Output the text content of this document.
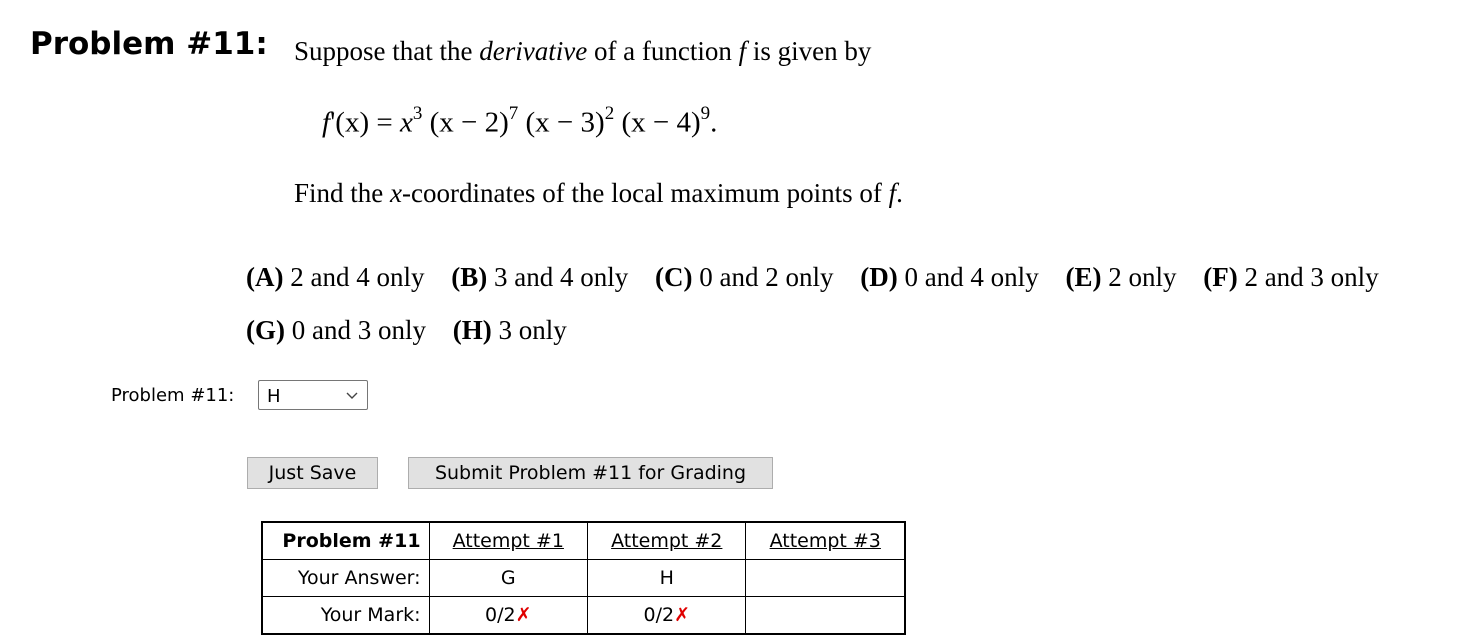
Problem #11: Suppose that the derivative of a function f is given by
$f'(x) = x^3$ $(x - 2)^7$ $(x - 3)^2$ $(x - 4)^9$.
Find the x-coordinates of the local maximum points of f.
(A) 2 and 4 only (B) 3 and 4 only (C) 0 and 2 only (D) 0 and 4 only (E) 2 only (F) 2 and 3 only
(G) 0 and 3 only (H) 3 only
Problem #11: H
Just Save	Submit Problem #11 for Grading
Problem #11	Attempt #1	Attempt #2	Attempt #3
Your Answer:	G	H	
Your Mark:	0/2✗	0/2✗	
